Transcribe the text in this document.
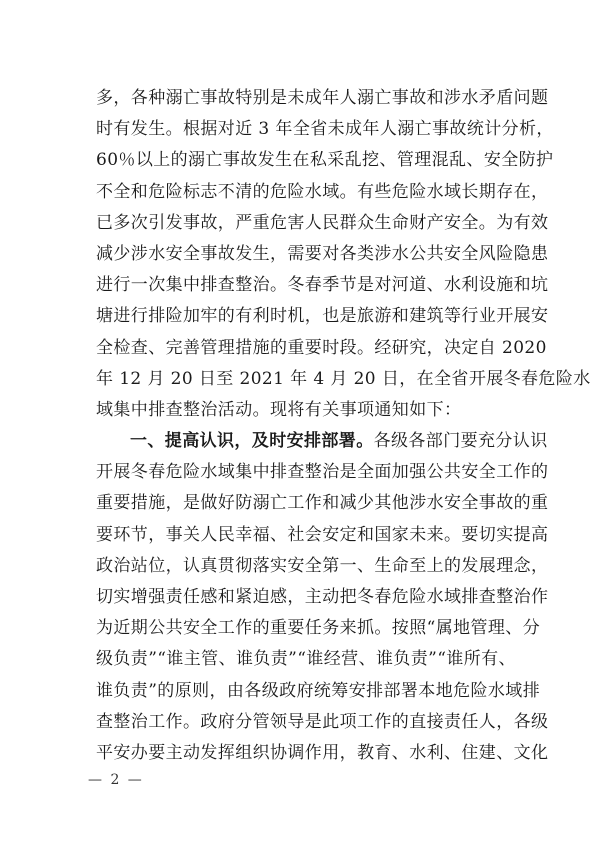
多，各种溺亡事故特别是未成年人溺亡事故和涉水矛盾问题
时有发生。根据对近 3 年全省未成年人溺亡事故统计分析，
60％以上的溺亡事故发生在私采乱挖、管理混乱、安全防护
不全和危险标志不清的危险水域。有些危险水域长期存在，
已多次引发事故，严重危害人民群众生命财产安全。为有效
减少涉水安全事故发生，需要对各类涉水公共安全风险隐患
进行一次集中排查整治。冬春季节是对河道、水利设施和坑
塘进行排险加牢的有利时机，也是旅游和建筑等行业开展安
全检查、完善管理措施的重要时段。经研究，决定自 2020
年 12 月 20 日至 2021 年 4 月 20 日，在全省开展冬春危险水
域集中排查整治活动。现将有关事项通知如下：
一、提高认识，及时安排部署。各级各部门要充分认识
开展冬春危险水域集中排查整治是全面加强公共安全工作的
重要措施，是做好防溺亡工作和减少其他涉水安全事故的重
要环节，事关人民幸福、社会安定和国家未来。要切实提高
政治站位，认真贯彻落实安全第一、生命至上的发展理念，
切实增强责任感和紧迫感，主动把冬春危险水域排查整治作
为近期公共安全工作的重要任务来抓。按照“属地管理、分
级负责”“谁主管、谁负责”“谁经营、谁负责”“谁所有、
谁负责”的原则，由各级政府统筹安排部署本地危险水域排
查整治工作。政府分管领导是此项工作的直接责任人，各级
平安办要主动发挥组织协调作用，教育、水利、住建、文化
— 2 —
